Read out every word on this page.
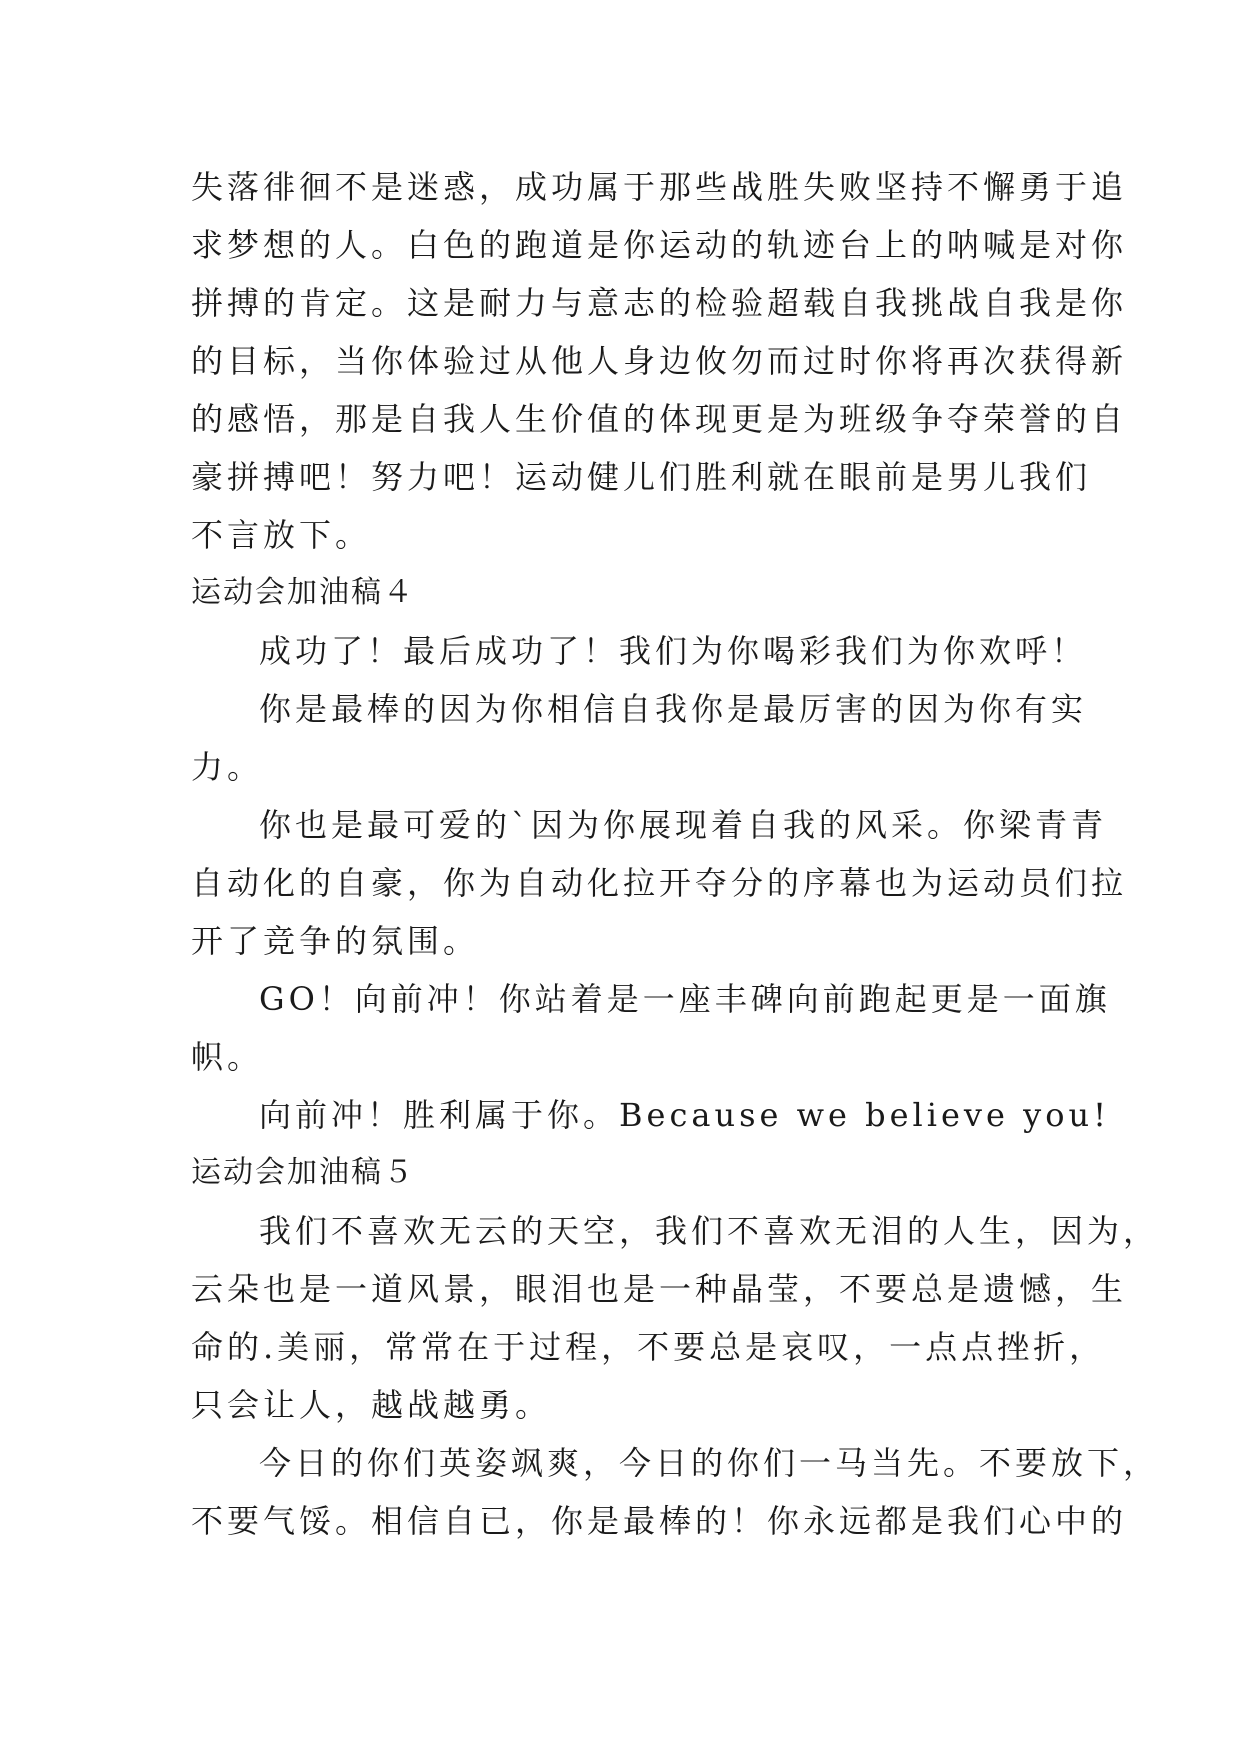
失落徘徊不是迷惑，成功属于那些战胜失败坚持不懈勇于追
求梦想的人。白色的跑道是你运动的轨迹台上的呐喊是对你
拼搏的肯定。这是耐力与意志的检验超载自我挑战自我是你
的目标，当你体验过从他人身边攸勿而过时你将再次获得新
的感悟，那是自我人生价值的体现更是为班级争夺荣誉的自
豪拼搏吧！努力吧！运动健儿们胜利就在眼前是男儿我们
不言放下。
运动会加油稿４
成功了！最后成功了！我们为你喝彩我们为你欢呼！
你是最棒的因为你相信自我你是最厉害的因为你有实
力。
你也是最可爱的`因为你展现着自我的风采。你梁青青
自动化的自豪，你为自动化拉开夺分的序幕也为运动员们拉
开了竞争的氛围。
GO！向前冲！你站着是一座丰碑向前跑起更是一面旗
帜。
向前冲！胜利属于你。Because we believe you!
运动会加油稿５
我们不喜欢无云的天空，我们不喜欢无泪的人生，因为，
云朵也是一道风景，眼泪也是一种晶莹，不要总是遗憾，生
命的.美丽，常常在于过程，不要总是哀叹，一点点挫折，
只会让人，越战越勇。
今日的你们英姿飒爽，今日的你们一马当先。不要放下，
不要气馁。相信自已，你是最棒的！你永远都是我们心中的
